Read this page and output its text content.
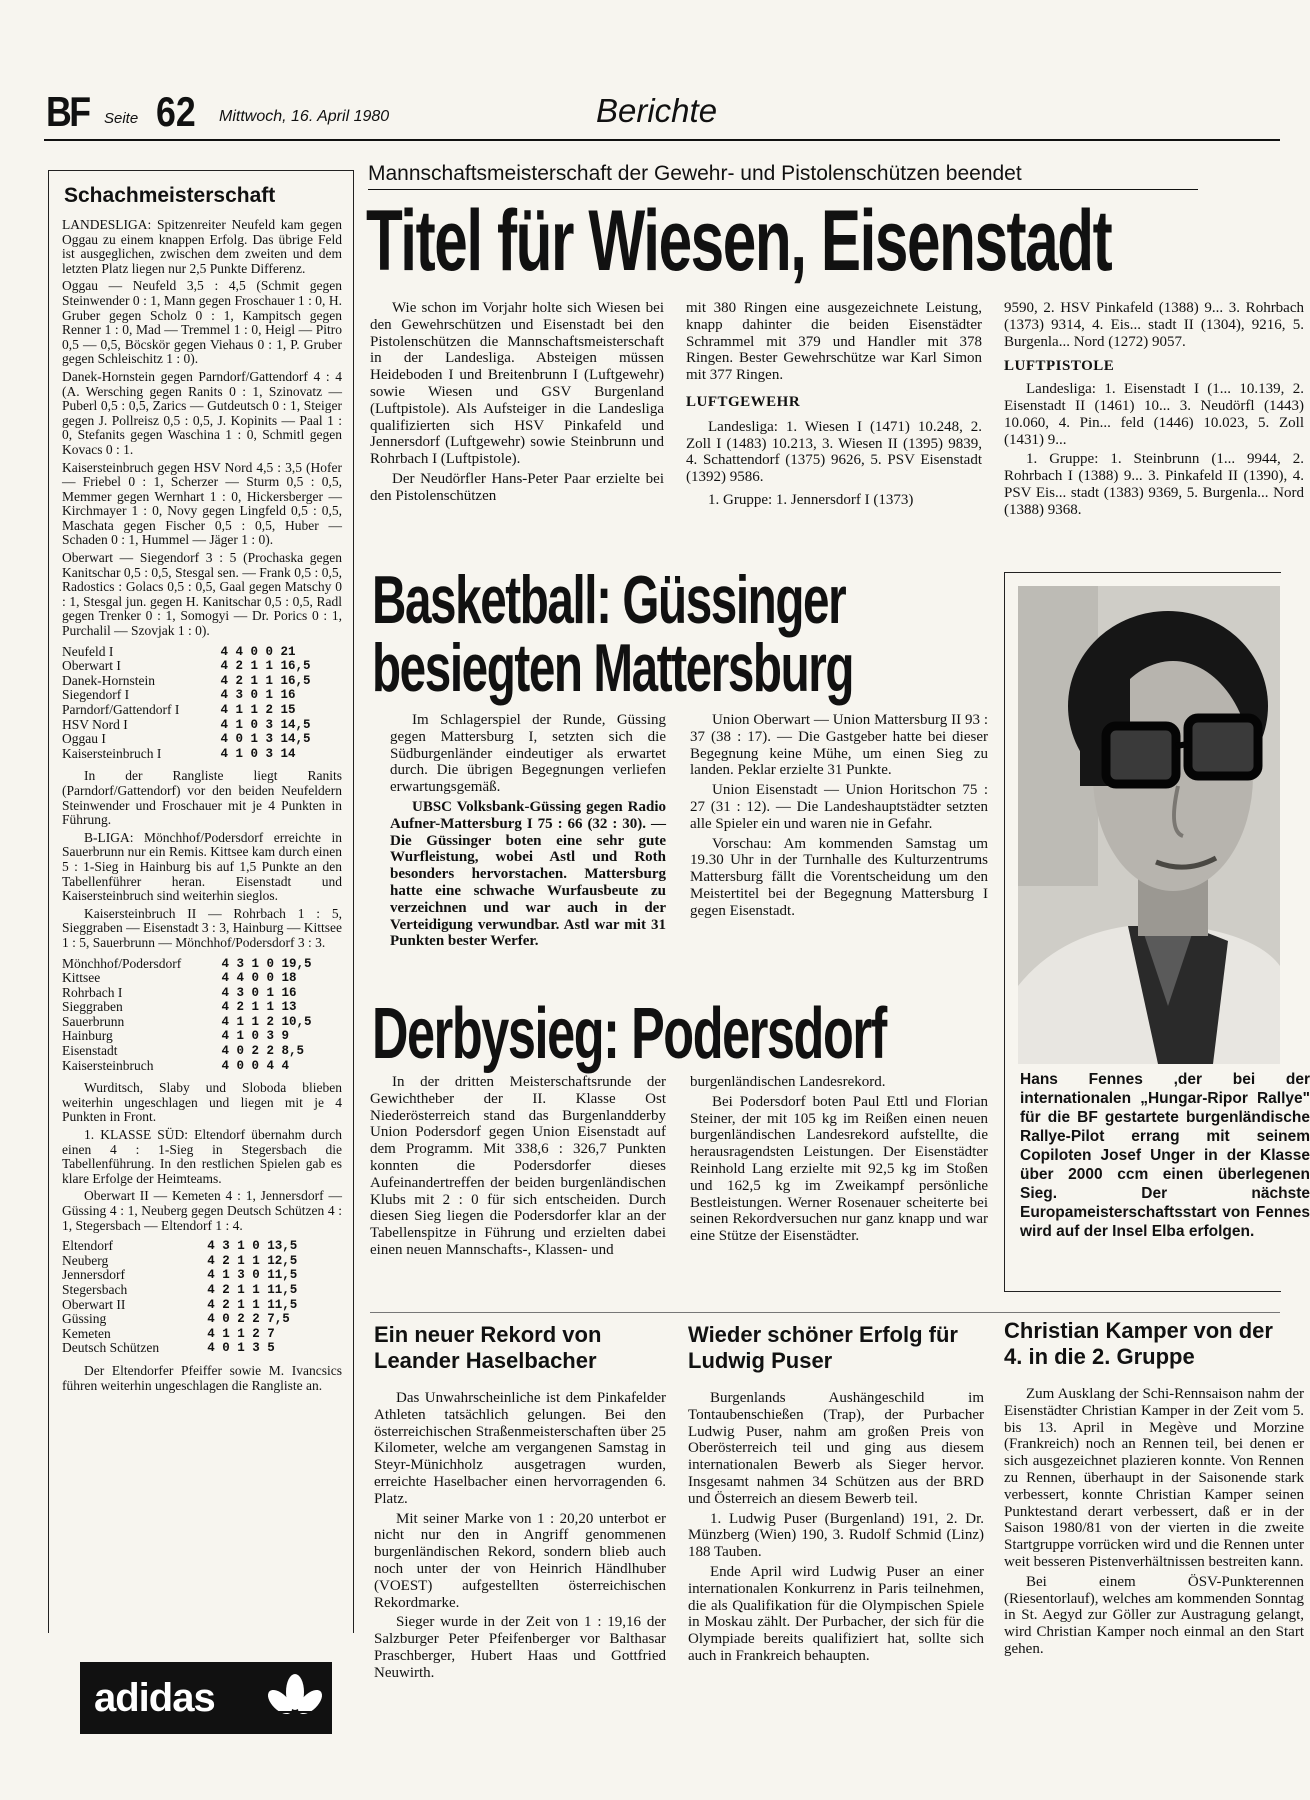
BF Seite 62 Mittwoch, 16. April 1980	Berichte
Schachmeisterschaft

LANDESLIGA: Spitzenreiter Neufeld kam gegen Oggau zu einem knappen Erfolg. Das übrige Feld ist ausgeglichen, zwischen dem zweiten und dem letzten Platz liegen nur 2,5 Punkte Differenz.

Oggau — Neufeld 3,5 : 4,5 (Schmit gegen Steinwender 0 : 1, Mann gegen Froschauer 1 : 0, H. Gruber gegen Scholz 0 : 1, Kampitsch gegen Renner 1 : 0, Mad — Tremmel 1 : 0, Heigl — Pitro 0,5 — 0,5, Böcskör gegen Viehaus 0 : 1, P. Gruber gegen Schleischitz 1 : 0).

Danek-Hornstein gegen Parndorf/Gattendorf 4 : 4 (A. Wersching gegen Ranits 0 : 1, Szinovatz — Puberl 0,5 : 0,5, Zarics — Gutdeutsch 0 : 1, Steiger gegen J. Pollreisz 0,5 : 0,5, J. Kopinits — Paal 1 : 0, Stefanits gegen Waschina 1 : 0, Schmitl gegen Kovacs 0 : 1.

Kaisersteinbruch gegen HSV Nord 4,5 : 3,5 (Hofer — Friebel 0 : 1, Scherzer — Sturm 0,5 : 0,5, Memmer gegen Wernhart 1 : 0, Hickersberger — Kirchmayer 1 : 0, Novy gegen Lingfeld 0,5 : 0,5, Maschata gegen Fischer 0,5 : 0,5, Huber — Schaden 0 : 1, Hummel — Jäger 1 : 0).

Oberwart — Siegendorf 3 : 5 (Prochaska gegen Kanitschar 0,5 : 0,5, Stesgal sen. — Frank 0,5 : 0,5, Radostics : Golacs 0,5 : 0,5, Gaal gegen Matschy 0 : 1, Stesgal jun. gegen H. Kanitschar 0,5 : 0,5, Radl gegen Trenker 0 : 1, Somogyi — Dr. Porics 0 : 1, Purchalil — Szovjak 1 : 0).

Neufeld I	4 4 0 0 21
Oberwart I	4 2 1 1 16,5
Danek-Hornstein	4 2 1 1 16,5
Siegendorf I	4 3 0 1 16
Parndorf/Gattendorf I	4 1 1 2 15
HSV Nord I	4 1 0 3 14,5
Oggau I	4 0 1 3 14,5
Kaisersteinbruch I	4 1 0 3 14

In der Rangliste liegt Ranits (Parndorf/Gattendorf) vor den beiden Neufeldern Steinwender und Froschauer mit je 4 Punkten in Führung.

B-LIGA: Mönchhof/Podersdorf erreichte in Sauerbrunn nur ein Remis. Kittsee kam durch einen 5 : 1-Sieg in Hainburg bis auf 1,5 Punkte an den Tabellenführer heran. Eisenstadt und Kaisersteinbruch sind weiterhin sieglos.

Kaisersteinbruch II — Rohrbach 1 : 5, Sieggraben — Eisenstadt 3 : 3, Hainburg — Kittsee 1 : 5, Sauerbrunn — Mönchhof/Podersdorf 3 : 3.

Mönchhof/Podersdorf	4 3 1 0 19,5
Kittsee	4 4 0 0 18
Rohrbach I	4 3 0 1 16
Sieggraben	4 2 1 1 13
Sauerbrunn	4 1 1 2 10,5
Hainburg	4 1 0 3 9
Eisenstadt	4 0 2 2 8,5
Kaisersteinbruch	4 0 0 4 4

Wurditsch, Slaby und Sloboda blieben weiterhin ungeschlagen und liegen mit je 4 Punkten in Front.

1. KLASSE SÜD: Eltendorf übernahm durch einen 4 : 1-Sieg in Stegersbach die Tabellenführung. In den restlichen Spielen gab es klare Erfolge der Heimteams.

Oberwart II — Kemeten 4 : 1, Jennersdorf — Güssing 4 : 1, Neuberg gegen Deutsch Schützen 4 : 1, Stegersbach — Eltendorf 1 : 4.

Eltendorf	4 3 1 0 13,5
Neuberg	4 2 1 1 12,5
Jennersdorf	4 1 3 0 11,5
Stegersbach	4 2 1 1 11,5
Oberwart II	4 2 1 1 11,5
Güssing	4 0 2 2 7,5
Kemeten	4 1 1 2 7
Deutsch Schützen	4 0 1 3 5

Der Eltendorfer Pfeiffer sowie M. Ivancsics führen weiterhin ungeschlagen die Rangliste an.

adidas
Mannschaftsmeisterschaft der Gewehr- und Pistolenschützen beendet
Titel für Wiesen, Eisenstadt

Wie schon im Vorjahr holte sich Wiesen bei den Gewehrschützen und Eisenstadt bei den Pistolenschützen die Mannschaftsmeisterschaft in der Landesliga. Absteigen müssen Heideboden I und Breitenbrunn I (Luftgewehr) sowie Wiesen und GSV Burgenland (Luftpistole). Als Aufsteiger in die Landesliga qualifizierten sich HSV Pinkafeld und Jennersdorf (Luftgewehr) sowie Steinbrunn und Rohrbach I (Luftpistole).

Der Neudörfler Hans-Peter Paar erzielte bei den Pistolenschützen

mit 380 Ringen eine ausgezeichnete Leistung, knapp dahinter die beiden Eisenstädter Schrammel mit 379 und Handler mit 378 Ringen. Bester Gewehrschütze war Karl Simon mit 377 Ringen.

LUFTGEWEHR

Landesliga: 1. Wiesen I (1471) 10.248, 2. Zoll I (1483) 10.213, 3. Wiesen II (1395) 9839, 4. Schattendorf (1375) 9626, 5. PSV Eisenstadt (1392) 9586.

1. Gruppe: 1. Jennersdorf I (1373)

9590, 2. HSV Pinkafeld (1388) 9... 3. Rohrbach (1373) 9314, 4. Eis... stadt II (1304), 9216, 5. Burgenla... Nord (1272) 9057.

LUFTPISTOLE

Landesliga: 1. Eisenstadt I (1... 10.139, 2. Eisenstadt II (1461) 10... 3. Neudörfl (1443) 10.060, 4. Pin... feld (1446) 10.023, 5. Zoll (1431) 9...

1. Gruppe: 1. Steinbrunn (1... 9944, 2. Rohrbach I (1388) 9... 3. Pinkafeld II (1390), 4. PSV Eis... stadt (1383) 9369, 5. Burgenla... Nord (1388) 9368.

Basketball: Güssinger
besiegten Mattersburg

Im Schlagerspiel der Runde, Güssing gegen Mattersburg I, setzten sich die Südburgenländer eindeutiger als erwartet durch. Die übrigen Begegnungen verliefen erwartungsgemäß.

UBSC Volksbank-Güssing gegen Radio Aufner-Mattersburg I 75 : 66 (32 : 30). — Die Güssinger boten eine sehr gute Wurfleistung, wobei Astl und Roth besonders hervorstachen. Mattersburg hatte eine schwache Wurfausbeute zu verzeichnen und war auch in der Verteidigung verwundbar. Astl war mit 31 Punkten bester Werfer.

Union Oberwart — Union Mattersburg II 93 : 37 (38 : 17). — Die Gastgeber hatte bei dieser Begegnung keine Mühe, um einen Sieg zu landen. Peklar erzielte 31 Punkte.

Union Eisenstadt — Union Horitschon 75 : 27 (31 : 12). — Die Landeshauptstädter setzten alle Spieler ein und waren nie in Gefahr.

Vorschau: Am kommenden Samstag um 19.30 Uhr in der Turnhalle des Kulturzentrums Mattersburg fällt die Vorentscheidung um den Meistertitel bei der Begegnung Mattersburg I gegen Eisenstadt.

Derbysieg: Podersdorf

In der dritten Meisterschaftsrunde der Gewichtheber der II. Klasse Ost Niederösterreich stand das Burgenlandderby Union Podersdorf gegen Union Eisenstadt auf dem Programm. Mit 338,6 : 326,7 Punkten konnten die Podersdorfer dieses Aufeinandertreffen der beiden burgenländischen Klubs mit 2 : 0 für sich entscheiden. Durch diesen Sieg liegen die Podersdorfer klar an der Tabellenspitze in Führung und erzielten dabei einen neuen Mannschafts-, Klassen- und

burgenländischen Landesrekord.

Bei Podersdorf boten Paul Ettl und Florian Steiner, der mit 105 kg im Reißen einen neuen burgenländischen Landesrekord aufstellte, die herausragendsten Leistungen. Der Eisenstädter Reinhold Lang erzielte mit 92,5 kg im Stoßen und 162,5 kg im Zweikampf persönliche Bestleistungen. Werner Rosenauer scheiterte bei seinen Rekordversuchen nur ganz knapp und war eine Stütze der Eisenstädter.

Hans Fennes ,der bei der internationalen „Hungar-Ripor Rallye" für die BF gestartete burgenländische Rallye-Pilot errang mit seinem Copiloten Josef Unger in der Klasse über 2000 ccm einen überlegenen Sieg. Der nächste Europameisterschaftsstart von Fennes wird auf der Insel Elba erfolgen.
Ein neuer Rekord von Leander Haselbacher

Das Unwahrscheinliche ist dem Pinkafelder Athleten tatsächlich gelungen. Bei den österreichischen Straßenmeisterschaften über 25 Kilometer, welche am vergangenen Samstag in Steyr-Münichholz ausgetragen wurden, erreichte Haselbacher einen hervorragenden 6. Platz.

Mit seiner Marke von 1 : 20,20 unterbot er nicht nur den in Angriff genommenen burgenländischen Rekord, sondern blieb auch noch unter der von Heinrich Händlhuber (VOEST) aufgestellten österreichischen Rekordmarke.

Sieger wurde in der Zeit von 1 : 19,16 der Salzburger Peter Pfeifenberger vor Balthasar Praschberger, Hubert Haas und Gottfried Neuwirth.

Wieder schöner Erfolg für Ludwig Puser

Burgenlands Aushängeschild im Tontaubenschießen (Trap), der Purbacher Ludwig Puser, nahm am großen Preis von Oberösterreich teil und ging aus diesem internationalen Bewerb als Sieger hervor. Insgesamt nahmen 34 Schützen aus der BRD und Österreich an diesem Bewerb teil.

1. Ludwig Puser (Burgenland) 191, 2. Dr. Münzberg (Wien) 190, 3. Rudolf Schmid (Linz) 188 Tauben.

Ende April wird Ludwig Puser an einer internationalen Konkurrenz in Paris teilnehmen, die als Qualifikation für die Olympischen Spiele in Moskau zählt. Der Purbacher, der sich für die Olympiade bereits qualifiziert hat, sollte sich auch in Frankreich behaupten.

Christian Kamper von der 4. in die 2. Gruppe

Zum Ausklang der Schi-Rennsaison nahm der Eisenstädter Christian Kamper in der Zeit vom 5. bis 13. April in Megève und Morzine (Frankreich) noch an Rennen teil, bei denen er sich ausgezeichnet plazieren konnte. Von Rennen zu Rennen, überhaupt in der Saisonende stark verbessert, konnte Christian Kamper seinen Punktestand derart verbessert, daß er in der Saison 1980/81 von der vierten in die zweite Startgruppe vorrücken wird und die Rennen unter weit besseren Pistenverhältnissen bestreiten kann.

Bei einem ÖSV-Punkterennen (Riesentorlauf), welches am kommenden Sonntag in St. Aegyd zur Göller zur Austragung gelangt, wird Christian Kamper noch einmal an den Start gehen.
